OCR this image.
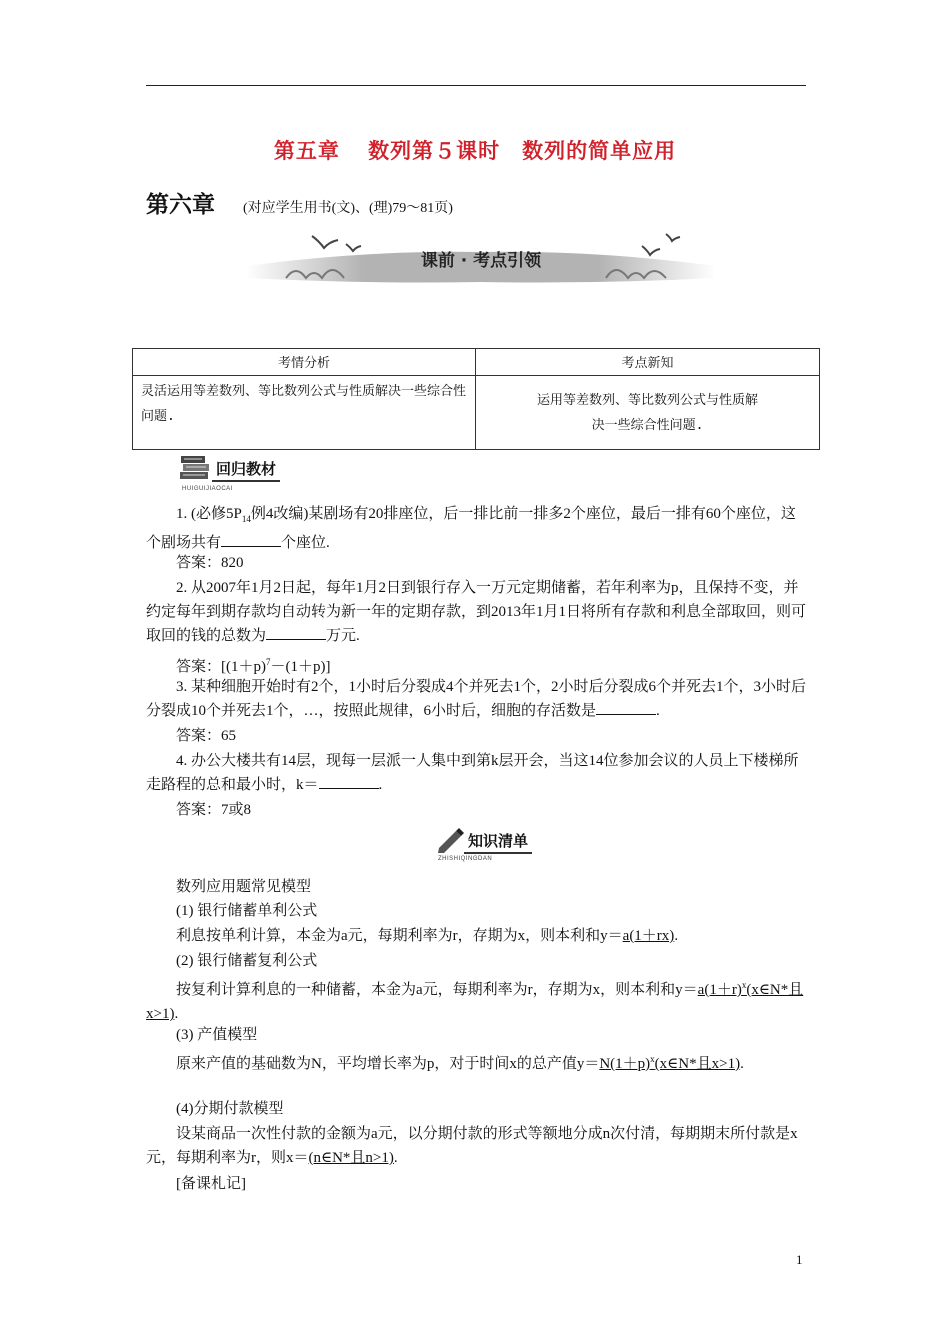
第五章　 数列第５课时　数列的简单应用
第六章 (对应学生用书(文)、(理)79～81页)
课前 · 考点引领
考情分析	考点新知
灵活运用等差数列、等比数列公式与性质解决一些综合性问题.	运用等差数列、等比数列公式与性质解
决一些综合性问题.
回归教材
HUIGUIJIAOCAI
1. (必修$5P_{14}$例4改编)某剧场有20排座位，后一排比前一排多2个座位，最后一排有60个座位，这个剧场共有	个座位.
答案：820
2. 从2007年1月2日起，每年1月2日到银行存入一万元定期储蓄，若年利率为p，且保持不变，并约定每年到期存款均自动转为新一年的定期存款，到2013年1月1日将所有存款和利息全部取回，则可取回的钱的总数为	万元.
答案：$[(1+p)^7-(1+p)]$
3. 某种细胞开始时有2个，1小时后分裂成4个并死去1个，2小时后分裂成6个并死去1个，3小时后分裂成10个并死去1个，…，按照此规律，6小时后，细胞的存活数是	.
答案：65
4. 办公大楼共有14层，现每一层派一人集中到第k层开会，当这14位参加会议的人员上下楼梯所走路程的总和最小时，k＝	.
答案：7或8
知识清单
ZHISHIQINGDAN
数列应用题常见模型
(1) 银行储蓄单利公式
利息按单利计算，本金为a元，每期利率为r，存期为x，则本利和y＝a(1＋rx).
(2) 银行储蓄复利公式
按复利计算利息的一种储蓄，本金为a元，每期利率为r，存期为x，则本利和$y=a(1+r)^x(x\in N*$且x>1).
(3) 产值模型
原来产值的基础数为N，平均增长率为p，对于时间x的总产值$y=N(1+p)^x(x\in N*$且x>1).
(4)分期付款模型
设某商品一次性付款的金额为a元，以分期付款的形式等额地分成n次付清，每期期末所付款是x元，每期利率为r，则x＝(n∈N*且n>1).
[备课札记]
1
